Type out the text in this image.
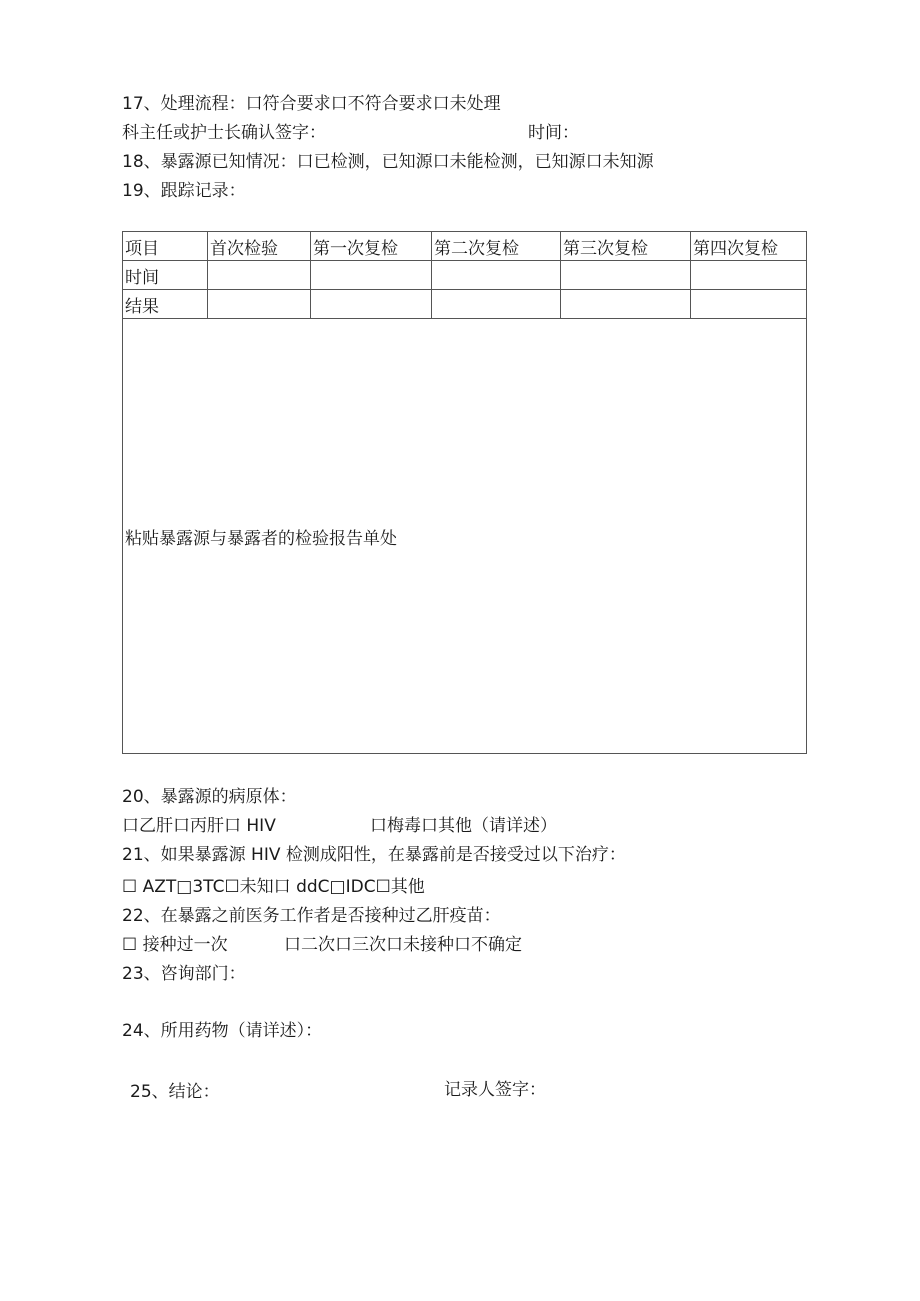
17、处理流程：口符合要求口不符合要求口未处理
科主任或护士长确认签字：	时间：
18、暴露源已知情况：口已检测，已知源口未能检测，已知源口未知源
19、跟踪记录：
项目	首次检验	第一次复检	第二次复检	第三次复检	第四次复检
时间					
结果					
粘贴暴露源与暴露者的检验报告单处					
20、暴露源的病原体：
口乙肝口丙肝口 HIV	口梅毒口其他（请详述）
21、如果暴露源 HIV 检测成阳性，在暴露前是否接受过以下治疗：
☐ AZT□3TC☐未知口 ddC□IDC☐其他
22、在暴露之前医务工作者是否接种过乙肝疫苗：
☐ 接种过一次	口二次口三次口未接种口不确定
23、咨询部门：
24、所用药物（请详述）：
25、结论：	记录人签字：
